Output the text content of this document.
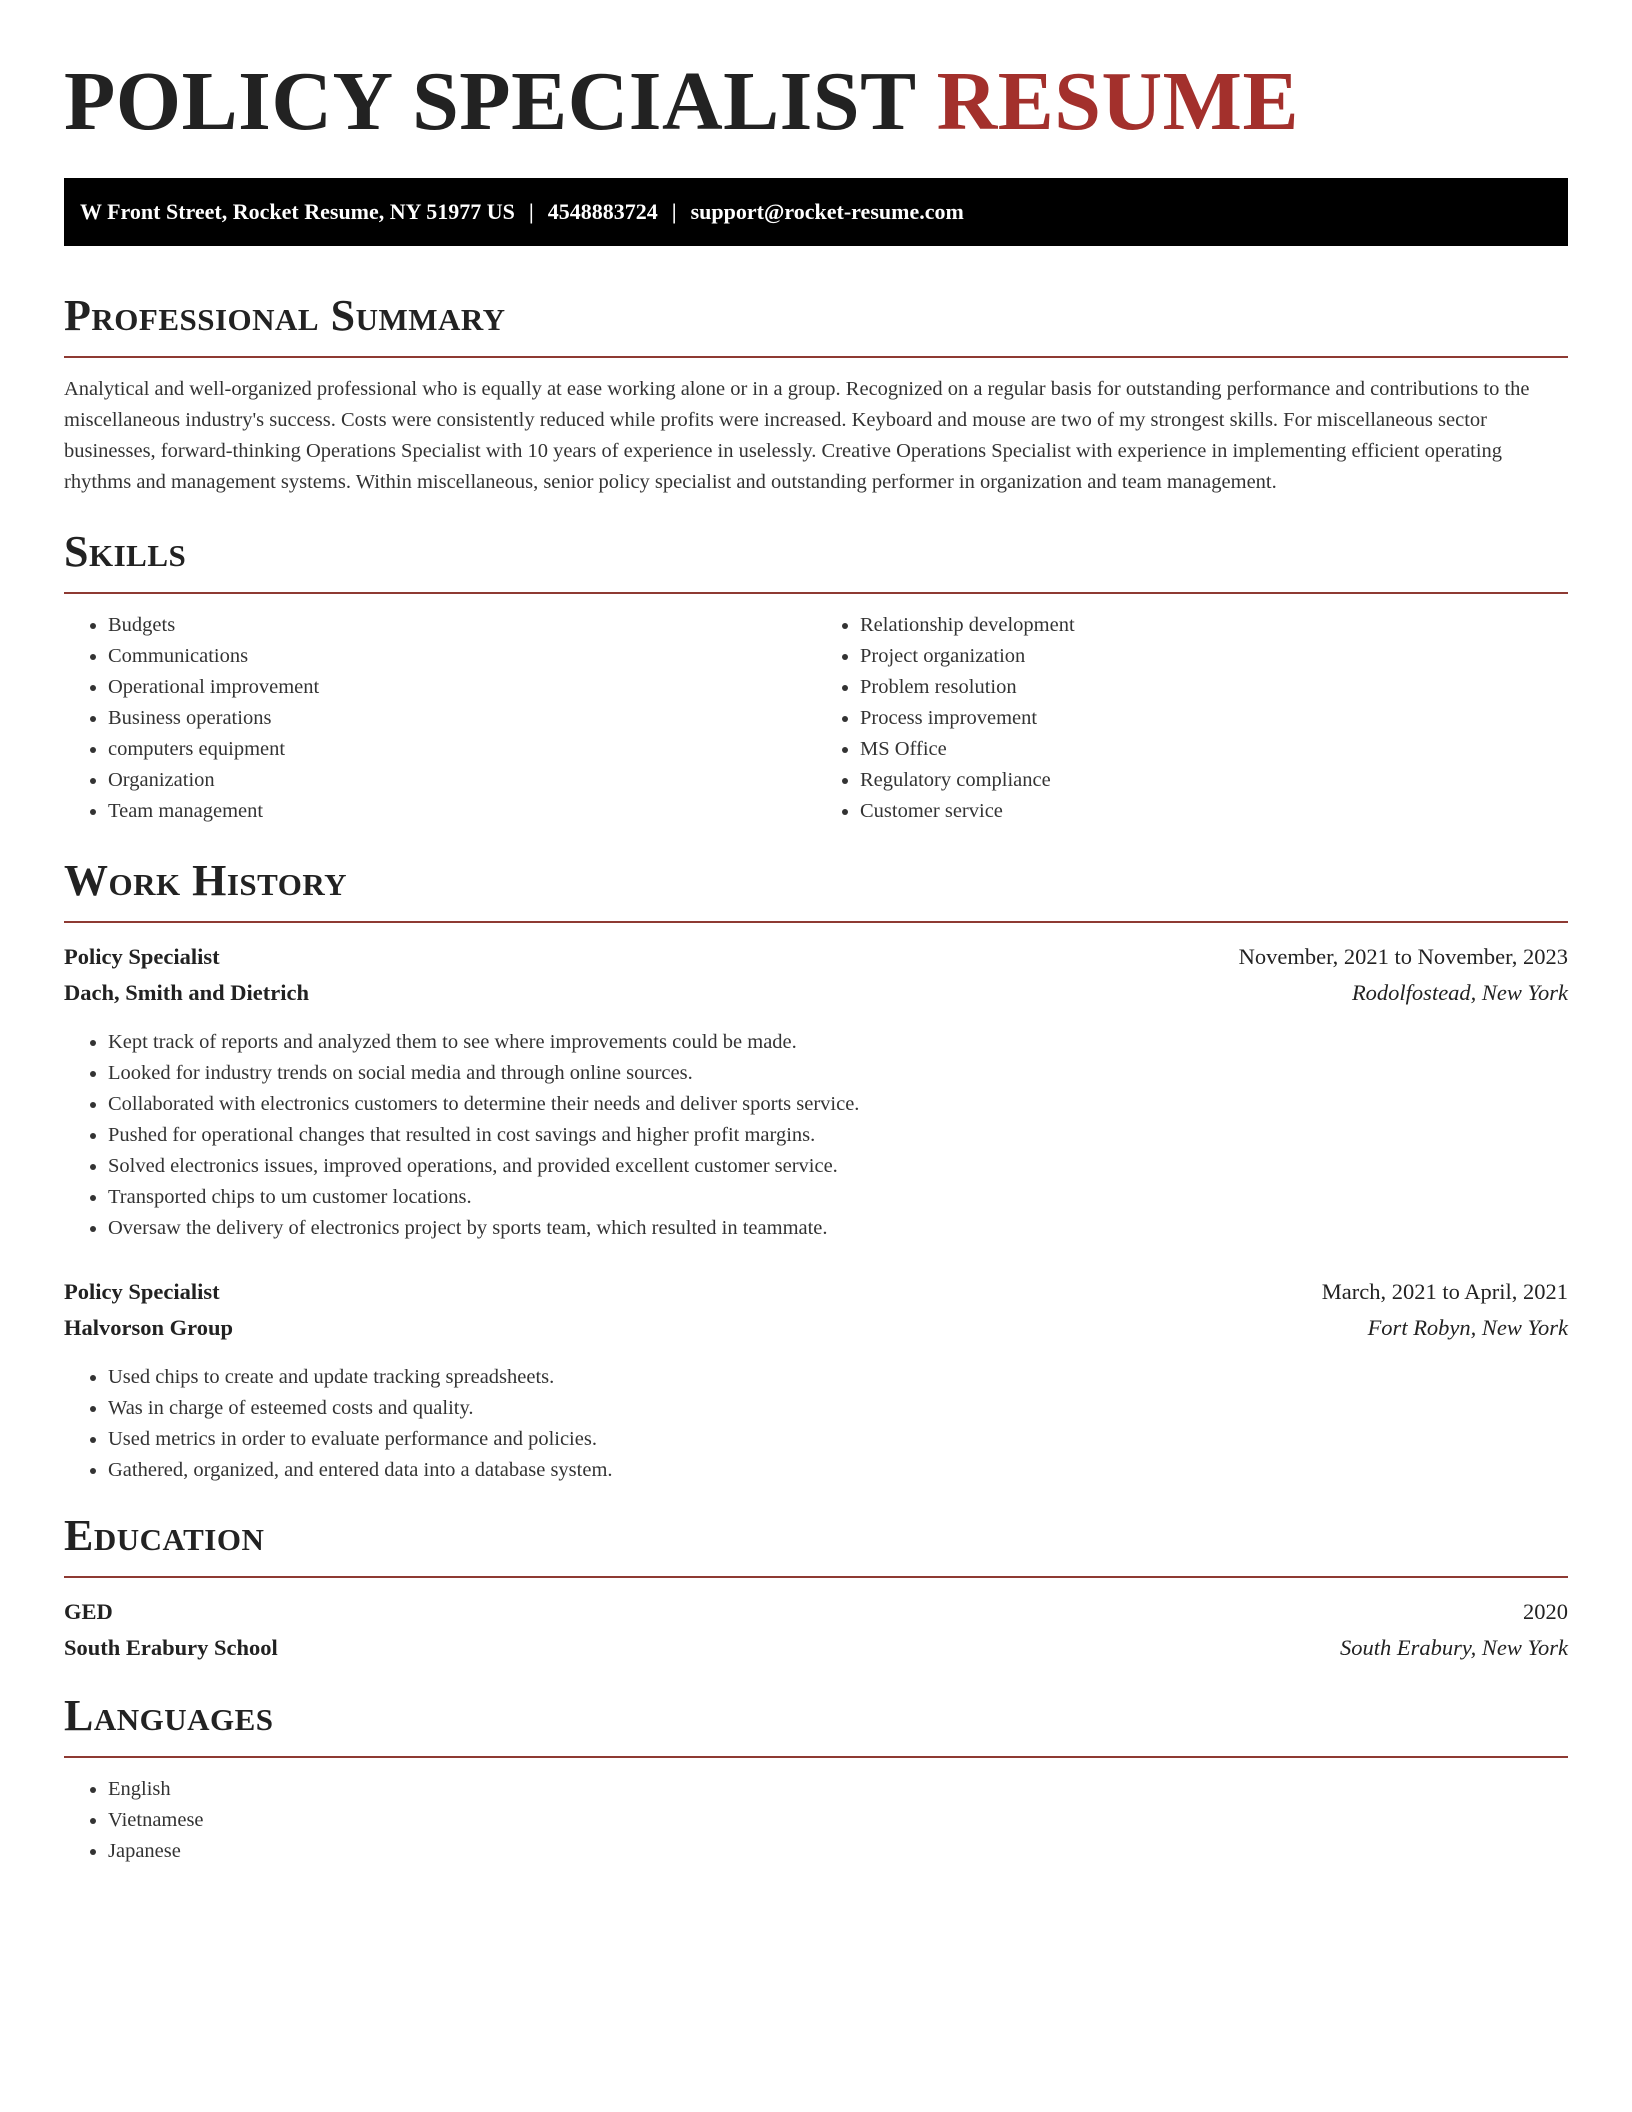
POLICY SPECIALIST RESUME
W Front Street, Rocket Resume, NY 51977 US | 4548883724 | support@rocket-resume.com
Professional Summary

Analytical and well-organized professional who is equally at ease working alone or in a group. Recognized on a regular basis for outstanding performance and contributions to the miscellaneous industry's success. Costs were consistently reduced while profits were increased. Keyboard and mouse are two of my strongest skills. For miscellaneous sector businesses, forward-thinking Operations Specialist with 10 years of experience in uselessly. Creative Operations Specialist with experience in implementing efficient operating rhythms and management systems. Within miscellaneous, senior policy specialist and outstanding performer in organization and team management.

Skills
• Budgets
• Communications
• Operational improvement
• Business operations
• computers equipment
• Organization
• Team management
• Relationship development
• Project organization
• Problem resolution
• Process improvement
• MS Office
• Regulatory compliance
• Customer service
Work History
Policy Specialist	November, 2021 to November, 2023
Dach, Smith and Dietrich	Rodolfostead, New York
• Kept track of reports and analyzed them to see where improvements could be made.
• Looked for industry trends on social media and through online sources.
• Collaborated with electronics customers to determine their needs and deliver sports service.
• Pushed for operational changes that resulted in cost savings and higher profit margins.
• Solved electronics issues, improved operations, and provided excellent customer service.
• Transported chips to um customer locations.
• Oversaw the delivery of electronics project by sports team, which resulted in teammate.
Policy Specialist	March, 2021 to April, 2021
Halvorson Group	Fort Robyn, New York
• Used chips to create and update tracking spreadsheets.
• Was in charge of esteemed costs and quality.
• Used metrics in order to evaluate performance and policies.
• Gathered, organized, and entered data into a database system.
Education
GED	2020
South Erabury School	South Erabury, New York
Languages
• English
• Vietnamese
• Japanese
